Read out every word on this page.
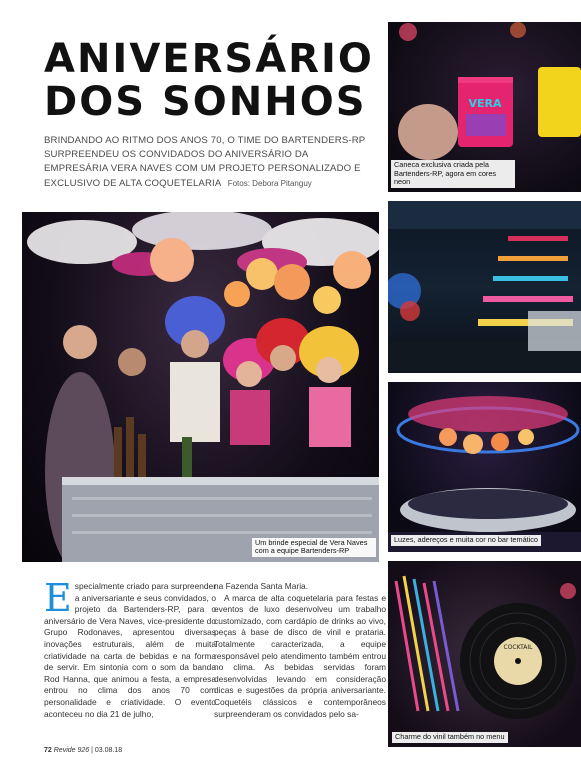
ANIVERSÁRIO
DOS SONHOS
BRINDANDO AO RITMO DOS ANOS 70, O TIME DO BARTENDERS-RP SURPREENDEU OS CONVIDADOS DO ANIVERSÁRIO DA EMPRESÁRIA VERA NAVES COM UM PROJETO PERSONALIZADO E EXCLUSIVO DE ALTA COQUETELARIA Fotos: Debora Pitanguy
Um brinde especial de Vera Naves com a equipe Bartenders-RP
VERA
Caneca exclusiva criada pela Bartenders-RP, agora em cores neon
Luzes, adereços e muita cor no bar temático
COCKTAIL
Charme do vinil também no menu
E specialmente criado para surpreender a aniversariante e seus convidados, o projeto da Bartenders-RP, para o aniversário de Vera Naves, vice-presidente do Grupo Rodonaves, apresentou diversas inovações estruturais, além de muita criatividade na carta de bebidas e na forma de servir. Em sintonia com o som da banda Rod Hanna, que animou a festa, a empresa entrou no clima dos anos 70 com personalidade e criatividade. O evento aconteceu no dia 21 de julho,
na Fazenda Santa Maria.
A marca de alta coquetelaria para festas e eventos de luxo desenvolveu um trabalho customizado, com cardápio de drinks ao vivo, peças à base de disco de vinil e prataria. Totalmente caracterizada, a equipe responsável pelo atendimento também entrou no clima. As bebidas servidas foram desenvolvidas levando em consideração dicas e sugestões da própria aniversariante. Coquetéis clássicos e contemporâneos surpreenderam os convidados pelo sa-
72 Revide 926 | 03.08.18
